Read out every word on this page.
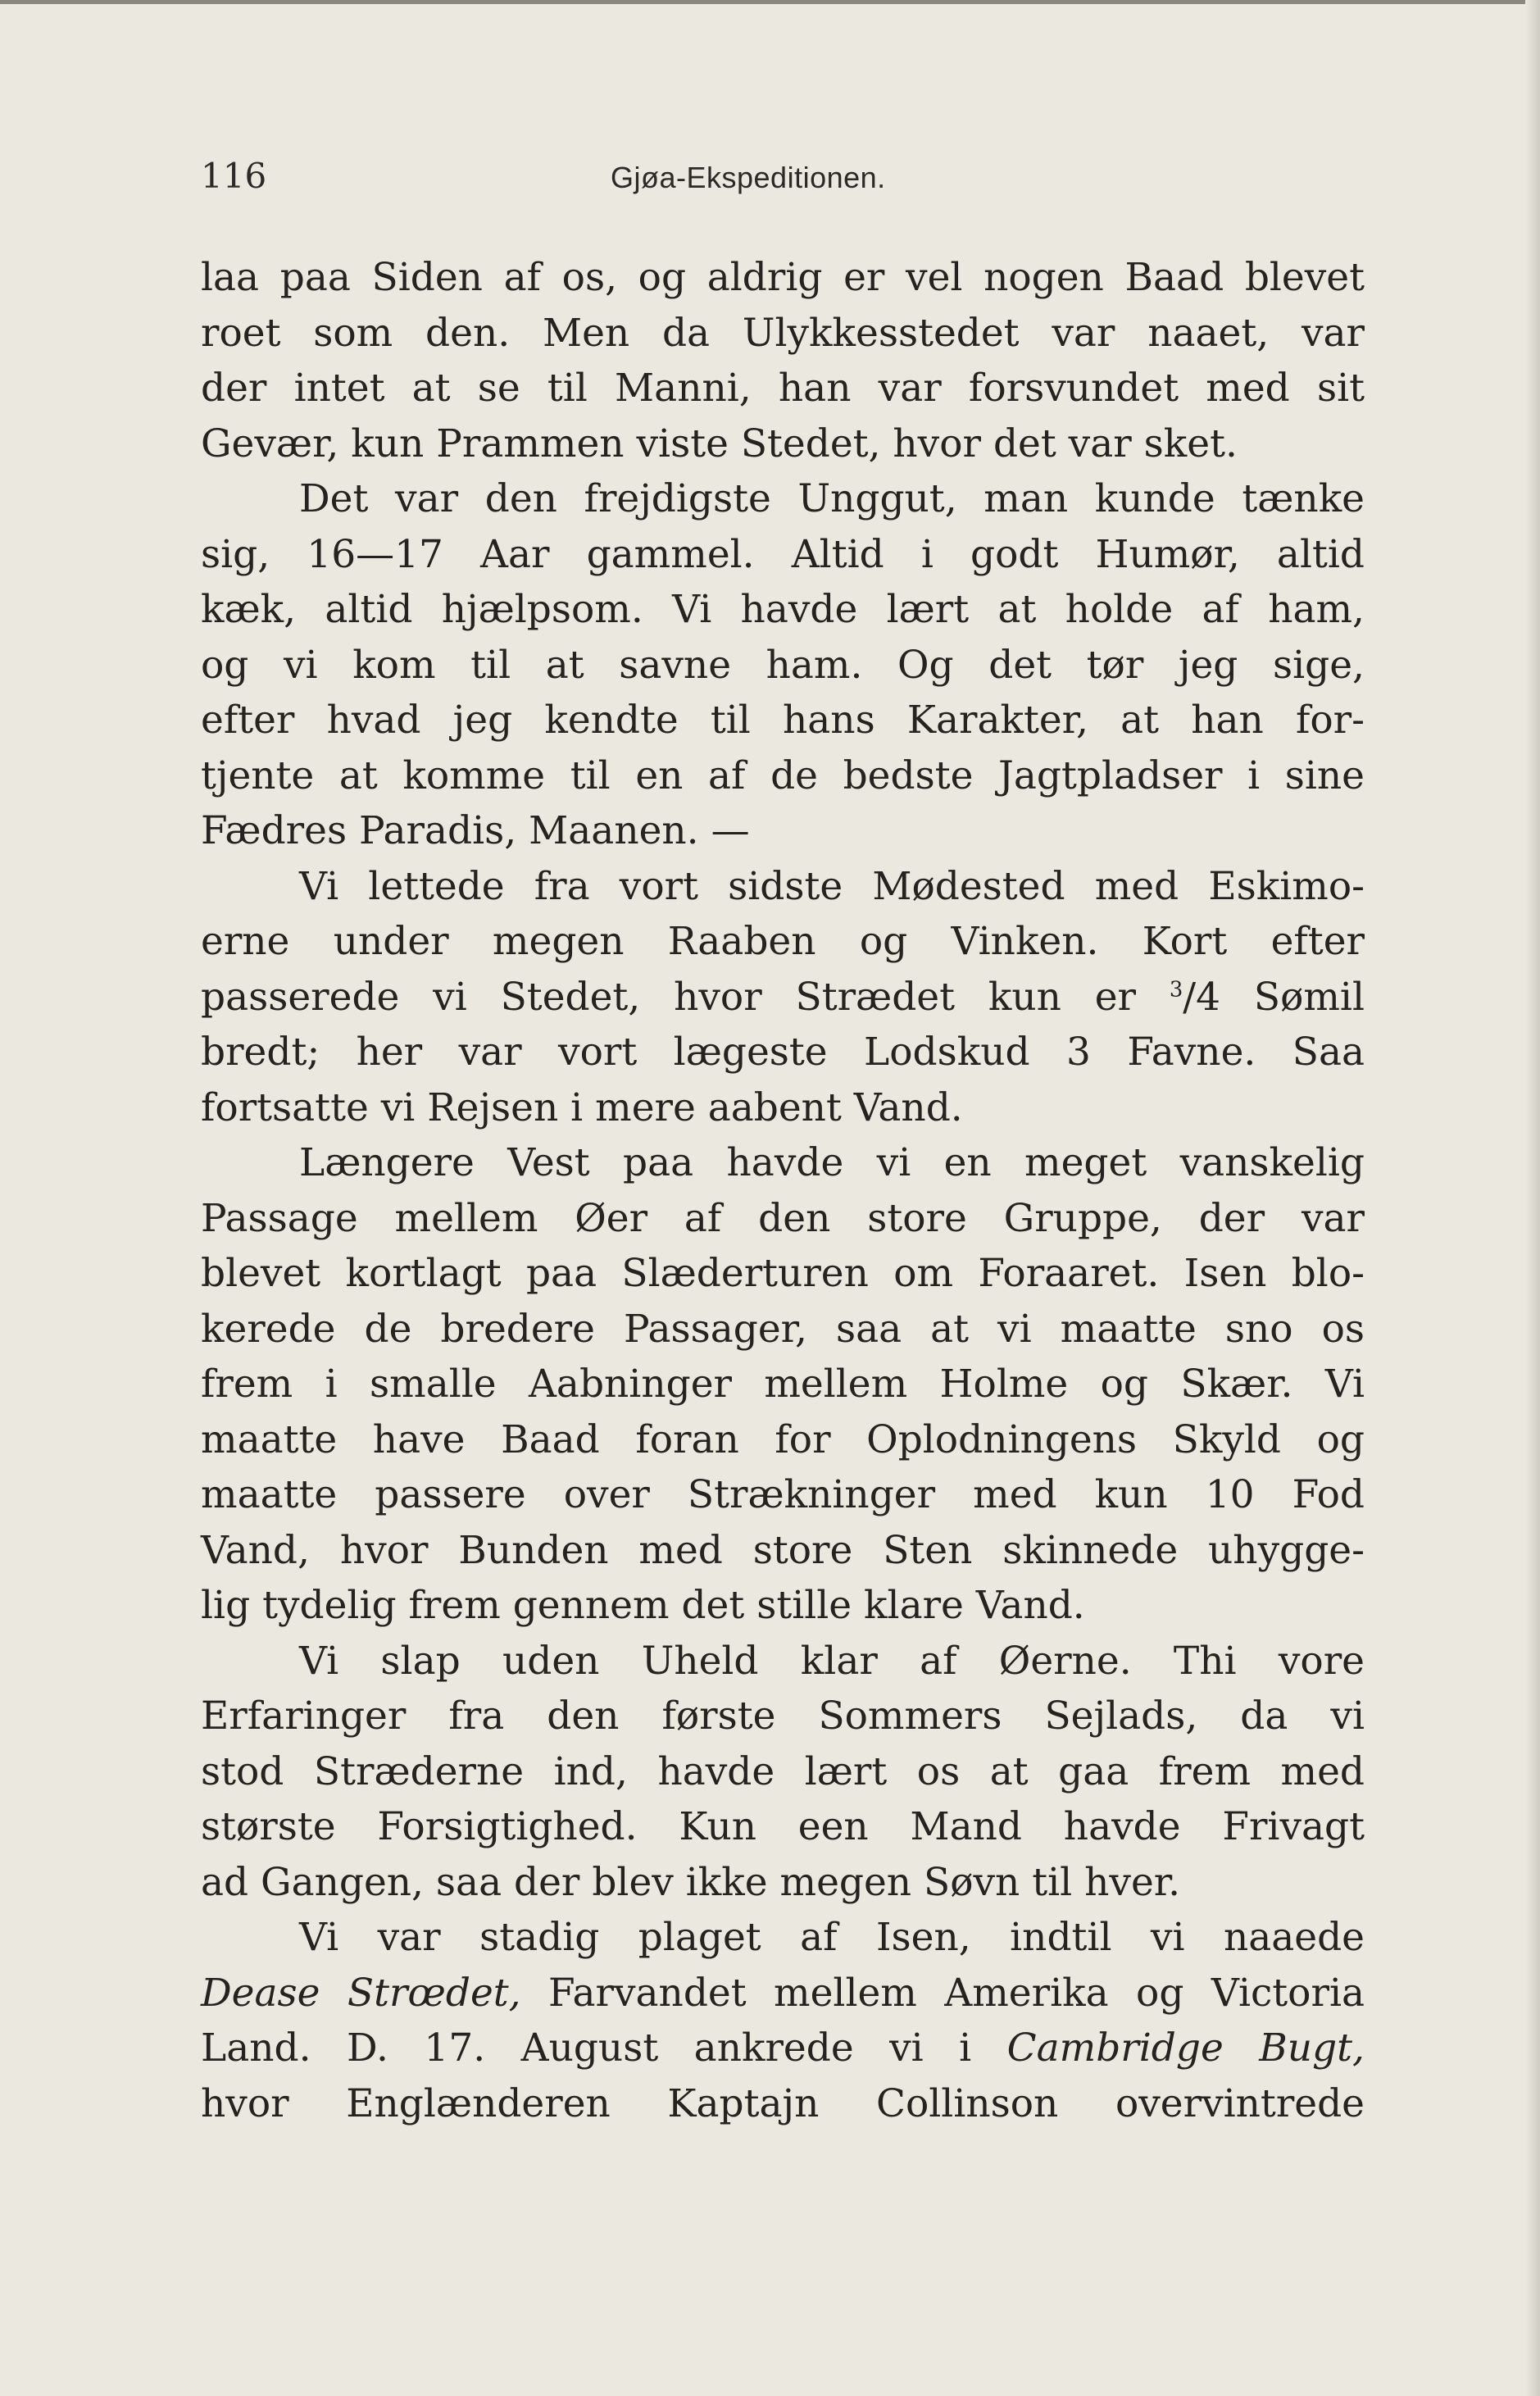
116	Gjøa-Ekspeditionen.
laa paa Siden af os, og aldrig er vel nogen Baad blevet
roet som den. Men da Ulykkesstedet var naaet, var
der intet at se til Manni, han var forsvundet med sit
Gevær, kun Prammen viste Stedet, hvor det var sket.
Det var den frejdigste Unggut, man kunde tænke
sig, 16—17 Aar gammel. Altid i godt Humør, altid
kæk, altid hjælpsom. Vi havde lært at holde af ham,
og vi kom til at savne ham. Og det tør jeg sige,
efter hvad jeg kendte til hans Karakter, at han for-
tjente at komme til en af de bedste Jagtpladser i sine
Fædres Paradis, Maanen. —
Vi lettede fra vort sidste Mødested med Eskimo-
erne under megen Raaben og Vinken. Kort efter
passerede vi Stedet, hvor Strædet kun er $^3$/4 Sømil
bredt; her var vort lægeste Lodskud 3 Favne. Saa
fortsatte vi Rejsen i mere aabent Vand.
Længere Vest paa havde vi en meget vanskelig
Passage mellem Øer af den store Gruppe, der var
blevet kortlagt paa Slæderturen om Foraaret. Isen blo-
kerede de bredere Passager, saa at vi maatte sno os
frem i smalle Aabninger mellem Holme og Skær. Vi
maatte have Baad foran for Oplodningens Skyld og
maatte passere over Strækninger med kun 10 Fod
Vand, hvor Bunden med store Sten skinnede uhygge-
lig tydelig frem gennem det stille klare Vand.
Vi slap uden Uheld klar af Øerne. Thi vore
Erfaringer fra den første Sommers Sejlads, da vi
stod Stræderne ind, havde lært os at gaa frem med
største Forsigtighed. Kun een Mand havde Frivagt
ad Gangen, saa der blev ikke megen Søvn til hver.
Vi var stadig plaget af Isen, indtil vi naaede
Dease Strœdet, Farvandet mellem Amerika og Victoria
Land. D. 17. August ankrede vi i Cambridge Bugt,
hvor Englænderen Kaptajn Collinson overvintrede
